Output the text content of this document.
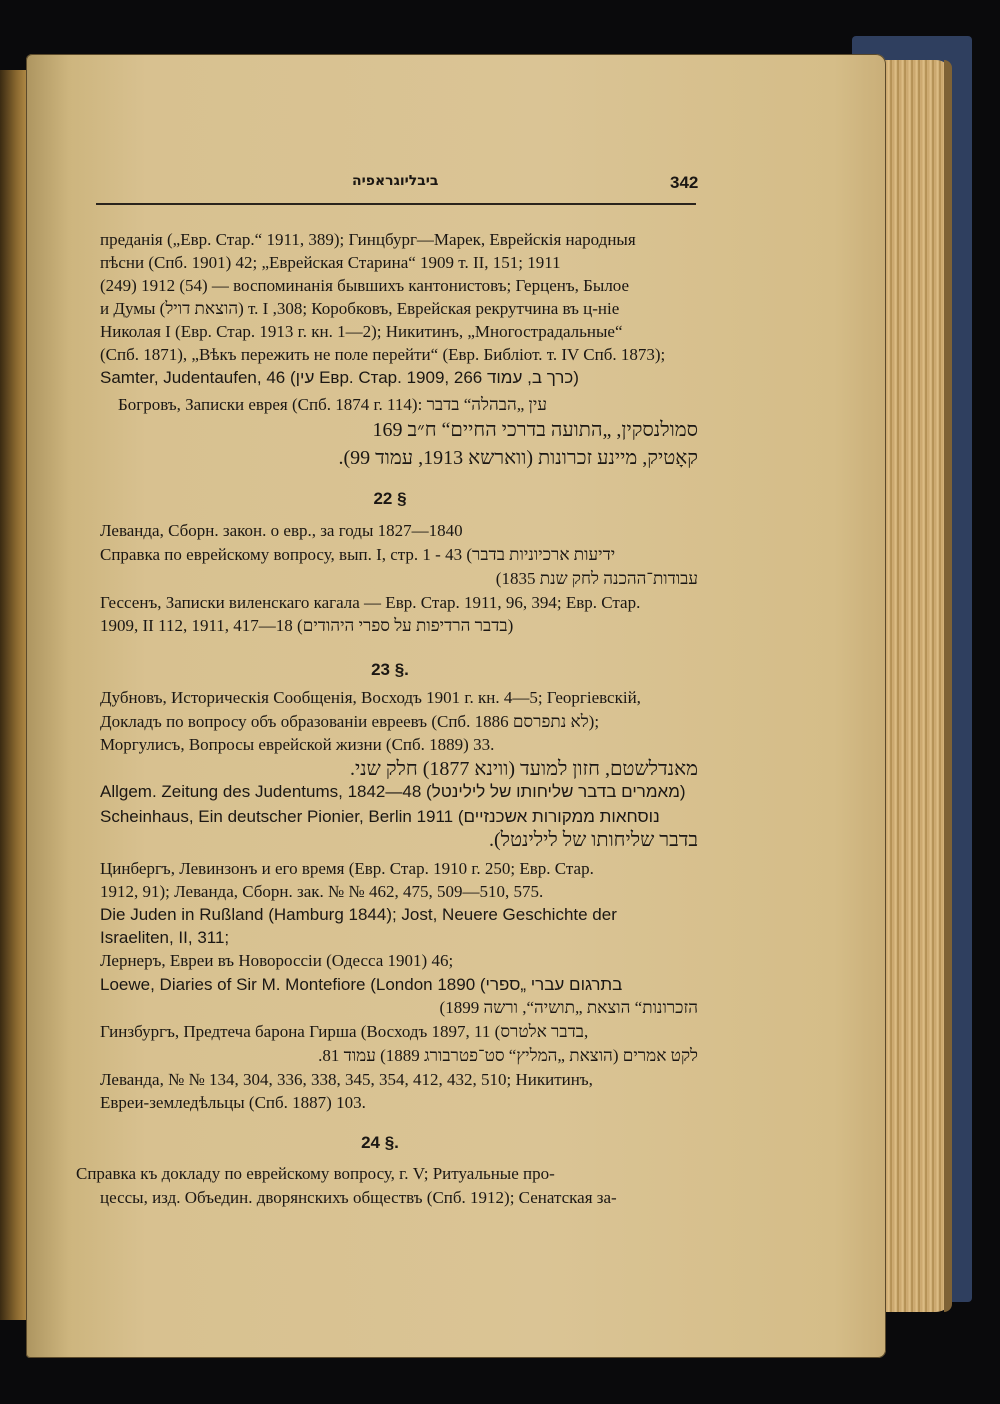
ביבליוגראפיה	342
преданія („Евр. Стар.“ 1911, 389); Гинцбург—Марек, Еврейскія народныя
пѣсни (Спб. 1901) 42; „Еврейская Старина“ 1909 т. II, 151; 1911
(249) 1912 (54) — воспоминанія бывшихъ кантонистовъ; Герценъ, Былое
и Думы (הוצאת דויל) т. I ,308; Коробковъ, Еврейская рекрутчина въ ц-ніе
Николая I (Евр. Стар. 1913 г. кн. 1—2); Никитинъ, „Многострадальные“
(Спб. 1871), „Вѣкъ пережить не поле перейти“ (Евр. Библіот. т. IV Спб. 1873);
Samter, Judentaufen, 46 (עין Евр. Стар. 1909, כרך ב, עמוד 266)
Богровъ, Записки еврея (Спб. 1874 г. 114): עין „הבהלה“ בדבר
סמולנסקין, „התועה בדרכי החיים“ ח״ב 169
קאָטיק, מיינע זכרונות (ווארשא 1913, עמוד 99).
22 §
Леванда, Сборн. закон. о евр., за годы 1827—1840
Справка по еврейскому вопросу, вып. I, стр. 1 - 43 (ידיעות ארכיוניות בדבר
עבודות־ההכנה לחק שנת 1835)
Гессенъ, Записки виленскаго кагала — Евр. Стар. 1911, 96, 394; Евр. Стар.
1909, II 112, 1911, 417—18 (בדבר הרדיפות על ספרי היהודים)
23 §.
Дубновъ, Историческія Сообщенія, Восходъ 1901 г. кн. 4—5; Георгіевскій,
Докладъ по вопросу объ образованіи евреевъ (Спб. 1886 לא נתפרסם);
Моргулисъ, Вопросы еврейской жизни (Спб. 1889) 33.
מאנדלשטם, חזון למועד (ווינא 1877) חלק שני.
Allgem. Zeitung des Judentums, 1842—48 (מאמרים בדבר שליחותו של לילינטל)
Scheinhaus, Ein deutscher Pionier, Berlin 1911 (נוסחאות ממקורות אשכנזיים
בדבר שליחותו של לילינטל).
Цинбергъ, Левинзонъ и его время (Евр. Стар. 1910 г. 250; Евр. Стар.
1912, 91); Леванда, Сборн. зак. № № 462, 475, 509—510, 575.
Die Juden in Rußland (Hamburg 1844); Jost, Neuere Geschichte der
Israeliten, II, 311;
Лернеръ, Евреи въ Новороссіи (Одесса 1901) 46;
Loewe, Diaries of Sir M. Montefiore (London 1890 (בתרגום עברי „ספרי
הזכרונות“ הוצאת „תושיה“, ורשה 1899)
Гинзбургъ, Предтеча барона Гирша (Восходъ 1897, 11 (בדבר אלטרס,
לקט אמרים (הוצאת „המליץ“ סט־פטרבורג 1889) עמוד 81.
Леванда, № № 134, 304, 336, 338, 345, 354, 412, 432, 510; Никитинъ,
Евреи-земледѣльцы (Спб. 1887) 103.
24 §.
Справка къ докладу по еврейскому вопросу, г. V; Ритуальные про-
цессы, изд. Объедин. дворянскихъ обществъ (Спб. 1912); Сенатская за-
